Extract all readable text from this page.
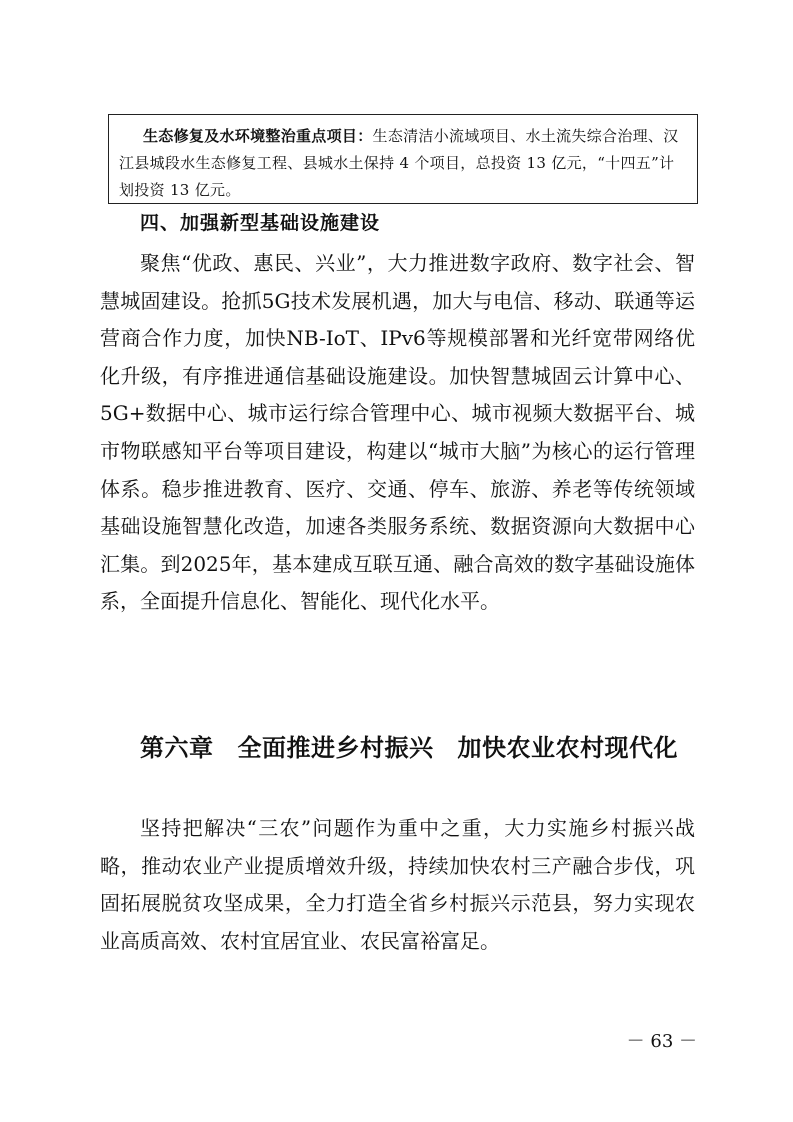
生态修复及水环境整治重点项目：生态清洁小流域项目、水土流失综合治理、汉江县城段水生态修复工程、县城水土保持 4 个项目，总投资 13 亿元，“十四五”计划投资 13 亿元。
四、加强新型基础设施建设

聚焦“优政、惠民、兴业”，大力推进数字政府、数字社会、智慧城固建设。抢抓5G技术发展机遇，加大与电信、移动、联通等运营商合作力度，加快NB-IoT、IPv6等规模部署和光纤宽带网络优化升级，有序推进通信基础设施建设。加快智慧城固云计算中心、5G+数据中心、城市运行综合管理中心、城市视频大数据平台、城市物联感知平台等项目建设，构建以“城市大脑”为核心的运行管理体系。稳步推进教育、医疗、交通、停车、旅游、养老等传统领域基础设施智慧化改造，加速各类服务系统、数据资源向大数据中心汇集。到2025年，基本建成互联互通、融合高效的数字基础设施体系，全面提升信息化、智能化、现代化水平。

第六章 全面推进乡村振兴 加快农业农村现代化

坚持把解决“三农”问题作为重中之重，大力实施乡村振兴战略，推动农业产业提质增效升级，持续加快农村三产融合步伐，巩固拓展脱贫攻坚成果，全力打造全省乡村振兴示范县，努力实现农业高质高效、农村宜居宜业、农民富裕富足。

－ 63 －
